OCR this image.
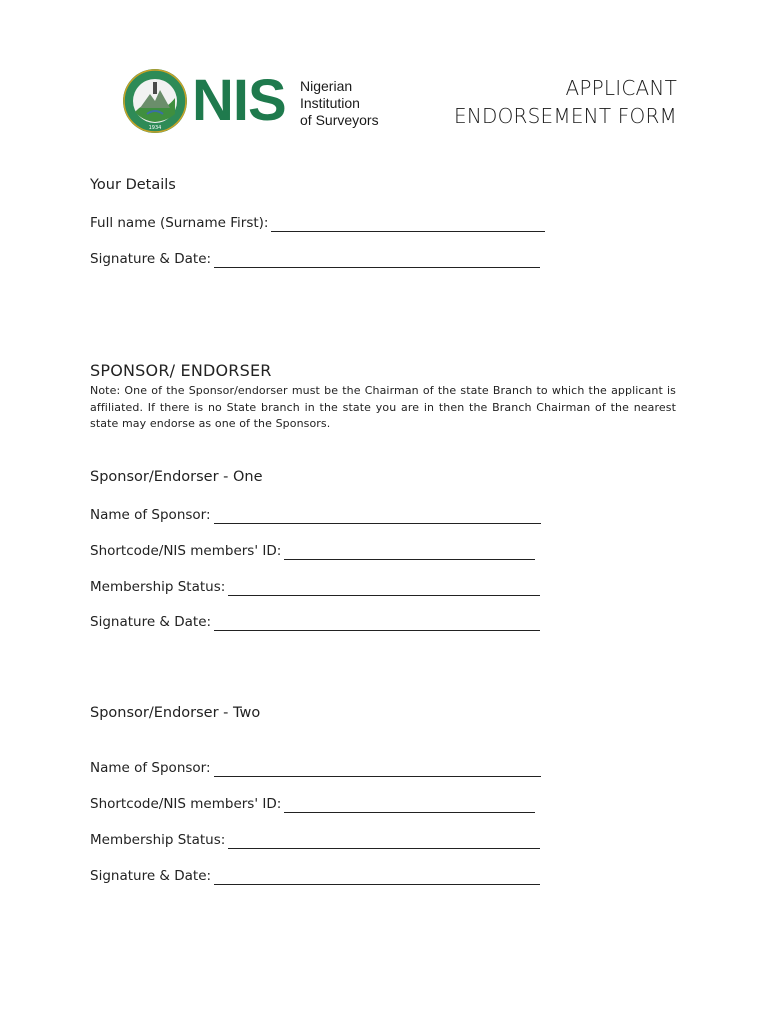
1934 NIS Nigerian
Institution
of Surveyors
APPLICANT
ENDORSEMENT FORM
Your Details
Full name (Surname First):
Signature & Date:
SPONSOR/ ENDORSER
Note: One of the Sponsor/endorser must be the Chairman of the state Branch to which the applicant is affiliated. If there is no State branch in the state you are in then the Branch Chairman of the nearest state may endorse as one of the Sponsors.
Sponsor/Endorser - One
Name of Sponsor:
Shortcode/NIS members' ID:
Membership Status:
Signature & Date:
Sponsor/Endorser - Two
Name of Sponsor:
Shortcode/NIS members' ID:
Membership Status:
Signature & Date:
